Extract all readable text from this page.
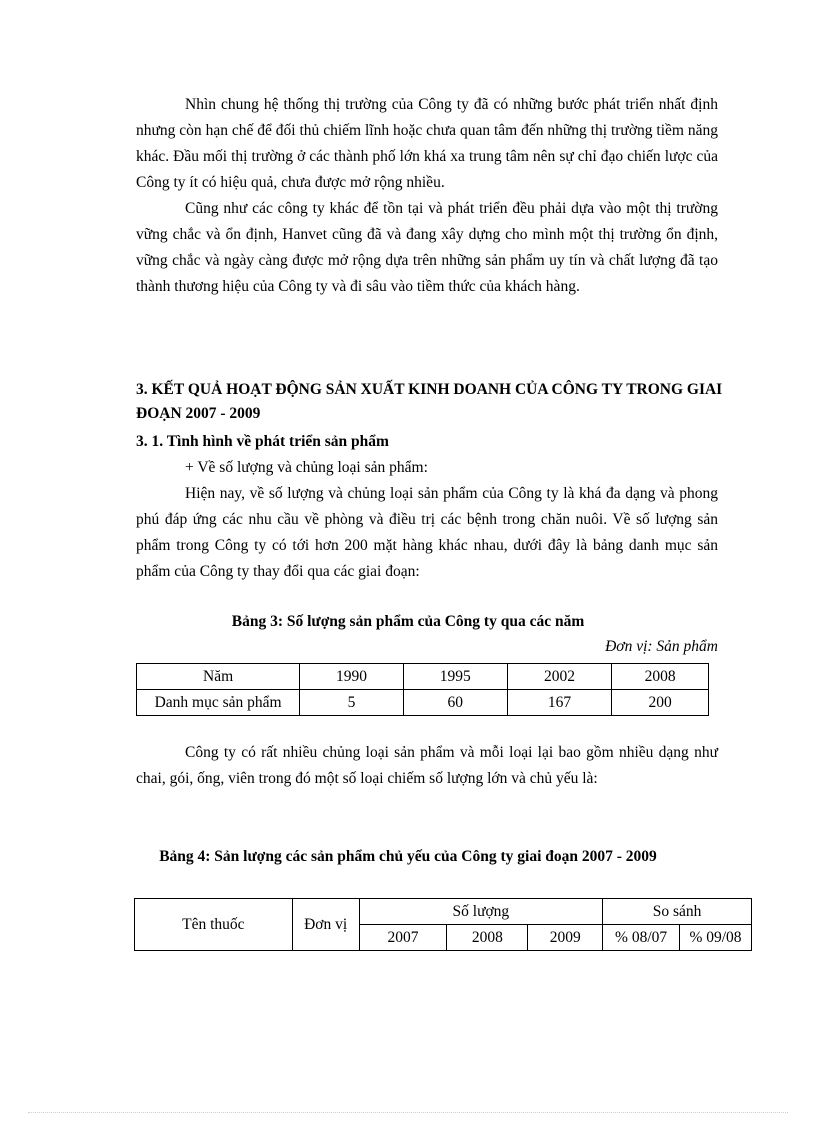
Nhìn chung hệ thống thị trường của Công ty đã có những bước phát triển nhất định nhưng còn hạn chế để đối thủ chiếm lĩnh hoặc chưa quan tâm đến những thị trường tiềm năng khác. Đầu mối thị trường ở các thành phố lớn khá xa trung tâm nên sự chỉ đạo chiến lược của Công ty ít có hiệu quả, chưa được mở rộng nhiều.

Cũng như các công ty khác để tồn tại và phát triển đều phải dựa vào một thị trường vững chắc và ổn định, Hanvet cũng đã và đang xây dựng cho mình một thị trường ổn định, vững chắc và ngày càng được mở rộng dựa trên những sản phẩm uy tín và chất lượng đã tạo thành thương hiệu của Công ty và đi sâu vào tiềm thức của khách hàng.

3. KẾT QUẢ HOẠT ĐỘNG SẢN XUẤT KINH DOANH CỦA CÔNG TY TRONG GIAI ĐOẠN 2007 - 2009

3. 1. Tình hình về phát triển sản phẩm

+ Về số lượng và chủng loại sản phẩm:

Hiện nay, về số lượng và chủng loại sản phẩm của Công ty là khá đa dạng và phong phú đáp ứng các nhu cầu về phòng và điều trị các bệnh trong chăn nuôi. Về số lượng sản phẩm trong Công ty có tới hơn 200 mặt hàng khác nhau, dưới đây là bảng danh mục sản phẩm của Công ty thay đổi qua các giai đoạn:

Bảng 3: Số lượng sản phẩm của Công ty qua các năm

Đơn vị: Sản phẩm

Năm	1990	1995	2002	2008
Danh mục sản phẩm	5	60	167	200

Công ty có rất nhiều chủng loại sản phẩm và mỗi loại lại bao gồm nhiều dạng như chai, gói, ống, viên trong đó một số loại chiếm số lượng lớn và chủ yếu là:

Bảng 4: Sản lượng các sản phẩm chủ yếu của Công ty giai đoạn 2007 - 2009

Tên thuốc	Đơn vị	Số lượng			So sánh	
		2007	2008	2009	% 08/07	% 09/08
